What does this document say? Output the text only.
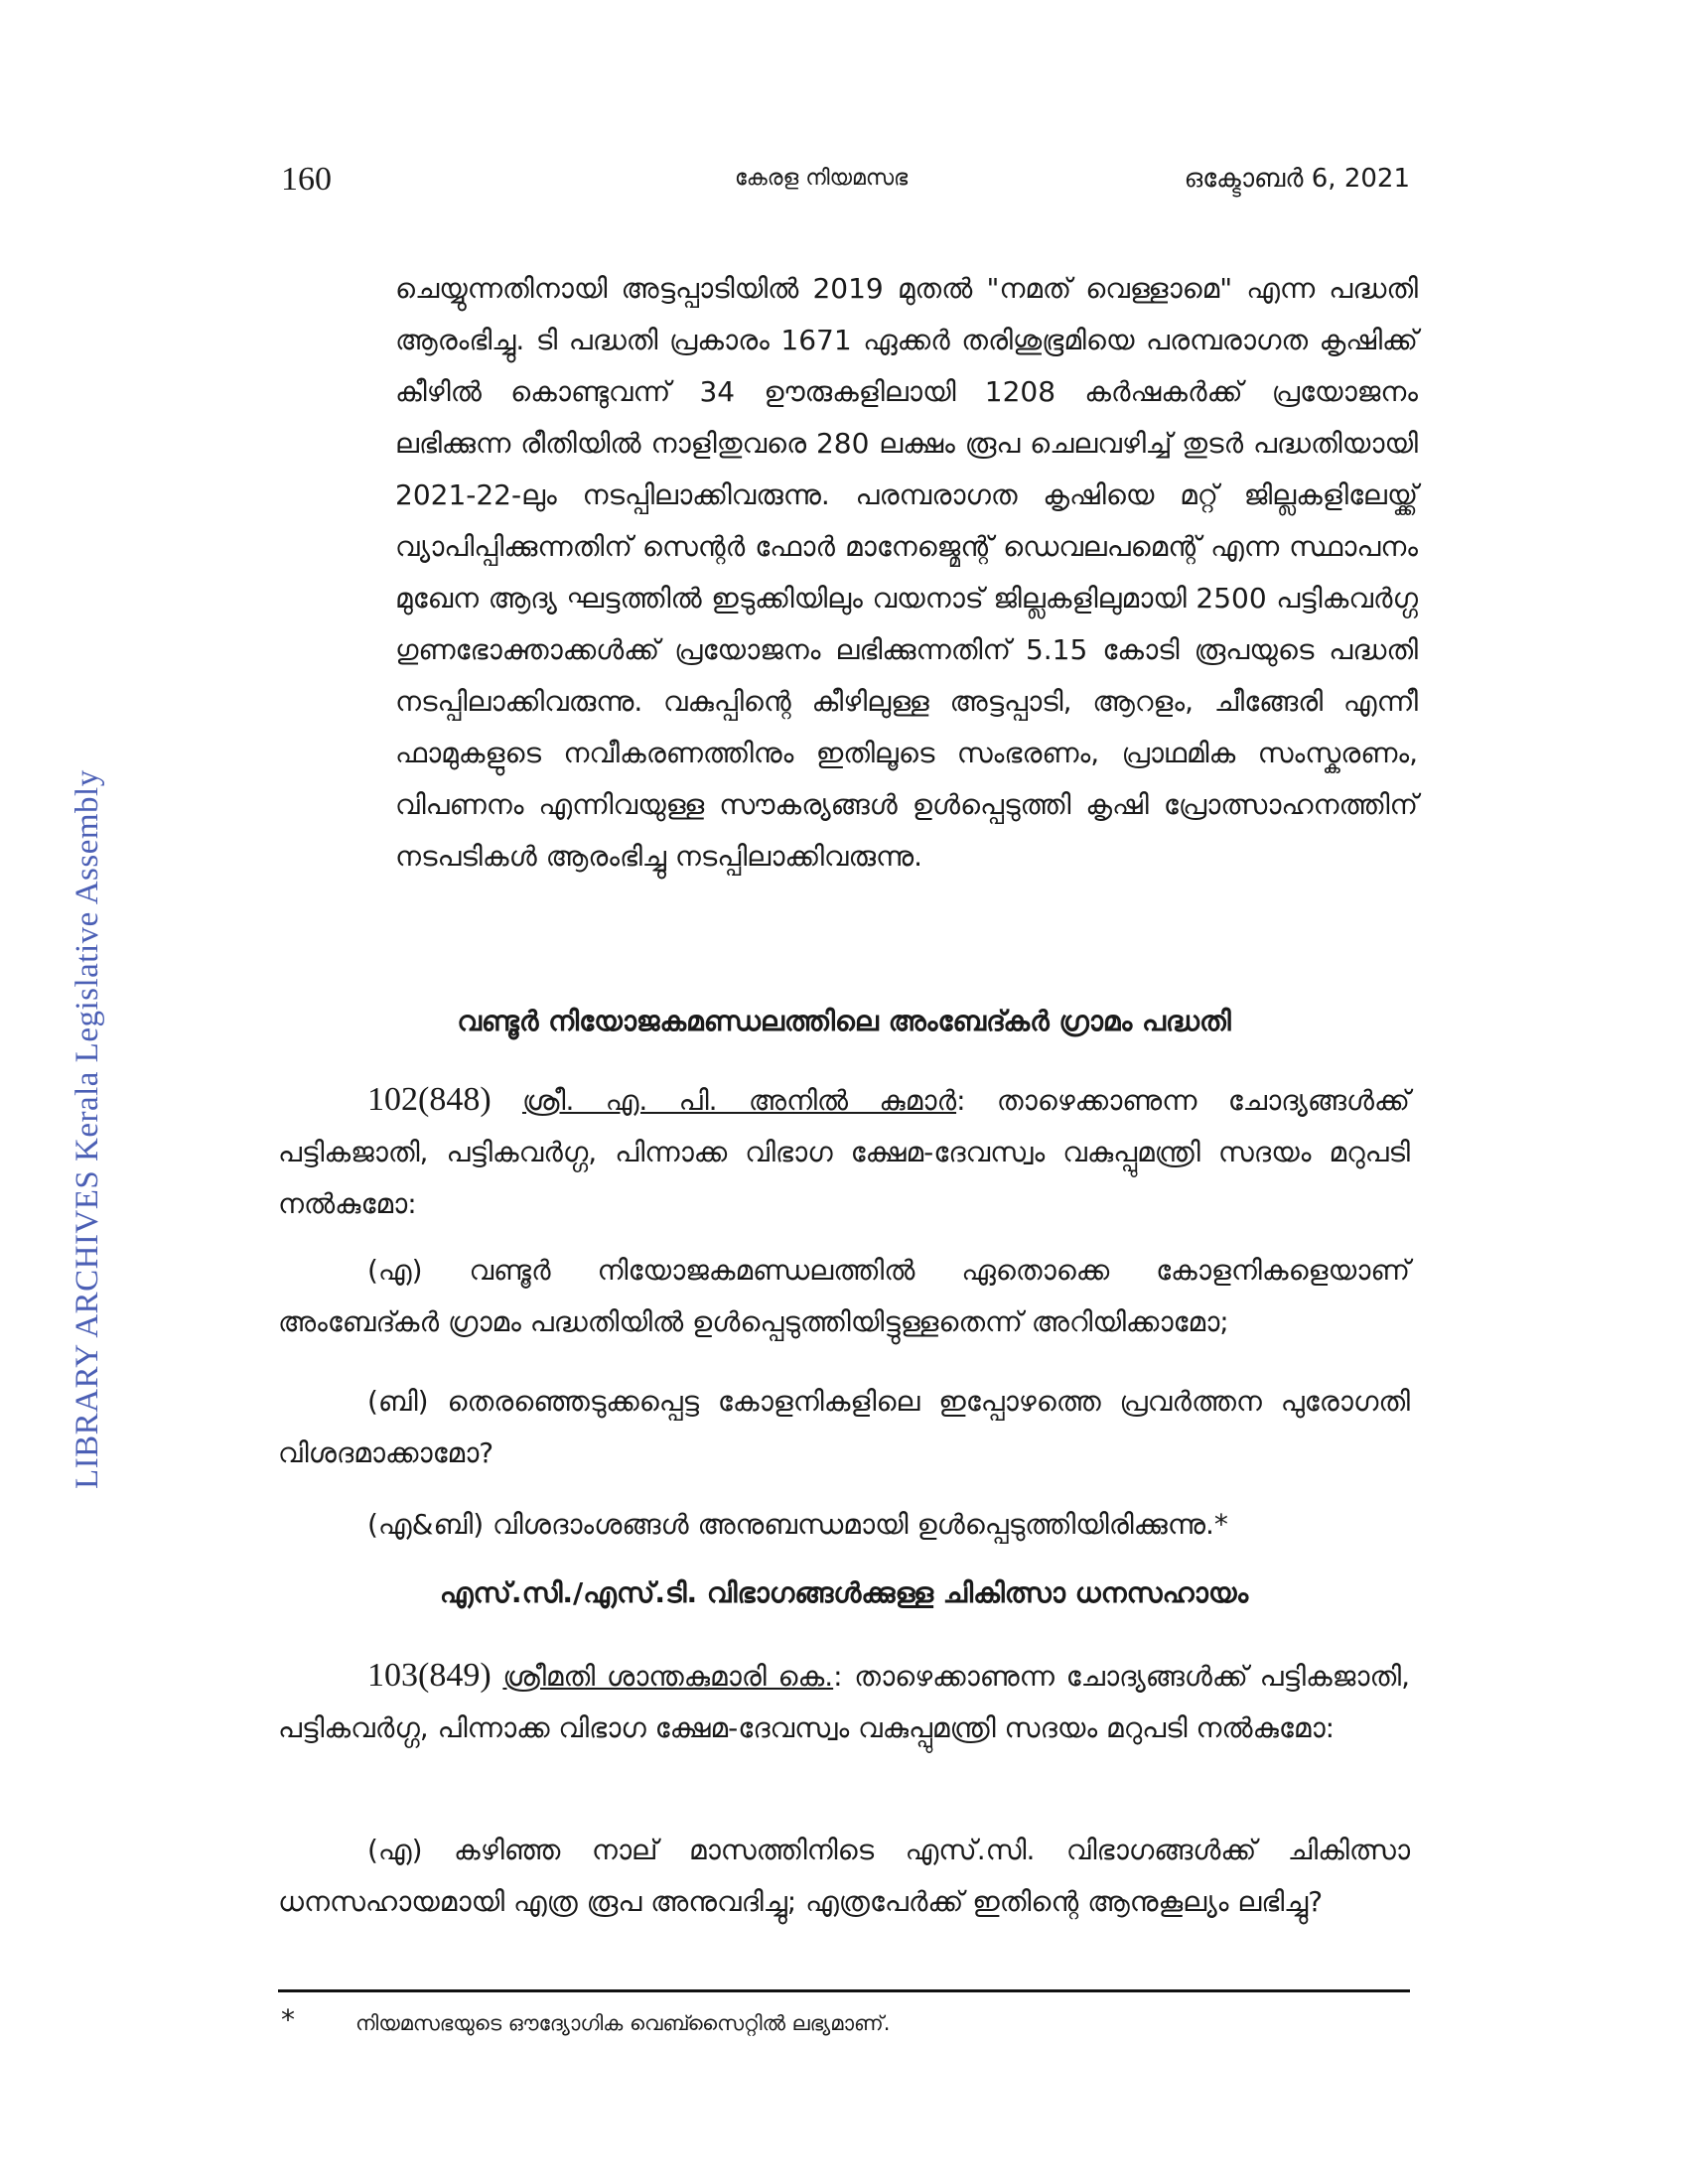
160	കേരള നിയമസഭ	ഒക്ടോബർ 6, 2021
LIBRARY ARCHIVES Kerala Legislative Assembly

ചെയ്യുന്നതിനായി അട്ടപ്പാടിയിൽ 2019 മുതൽ "നമത് വെള്ളാമെ" എന്ന പദ്ധതി ആരംഭിച്ചു. ടി പദ്ധതി പ്രകാരം 1671 ഏക്കർ തരിശുഭൂമിയെ പരമ്പരാഗത കൃഷിക്ക് കീഴിൽ കൊണ്ടുവന്ന് 34 ഊരുകളിലായി 1208 കർഷകർക്ക് പ്രയോജനം ലഭിക്കുന്ന രീതിയിൽ നാളിതുവരെ 280 ലക്ഷം രൂപ ചെലവഴിച്ച് തുടർ പദ്ധതിയായി 2021-22-ലും നടപ്പിലാക്കിവരുന്നു. പരമ്പരാഗത കൃഷിയെ മറ്റ് ജില്ലകളിലേയ്ക്ക് വ്യാപിപ്പിക്കുന്നതിന് സെന്റർ ഫോർ മാനേജ്മെന്റ് ഡെവലപമെന്റ് എന്ന സ്ഥാപനം മുഖേന ആദ്യ ഘട്ടത്തിൽ ഇടുക്കിയിലും വയനാട് ജില്ലകളിലുമായി 2500 പട്ടികവർഗ്ഗ ഗുണഭോക്താക്കൾക്ക് പ്രയോജനം ലഭിക്കുന്നതിന് 5.15 കോടി രൂപയുടെ പദ്ധതി നടപ്പിലാക്കിവരുന്നു. വകുപ്പിന്റെ കീഴിലുള്ള അട്ടപ്പാടി, ആറളം, ചീങ്ങേരി എന്നീ ഫാമുകളുടെ നവീകരണത്തിനും ഇതിലൂടെ സംഭരണം, പ്രാഥമിക സംസ്കരണം, വിപണനം എന്നിവയുള്ള സൗകര്യങ്ങൾ ഉൾപ്പെടുത്തി കൃഷി പ്രോത്സാഹനത്തിന് നടപടികൾ ആരംഭിച്ചു നടപ്പിലാക്കിവരുന്നു.

വണ്ടൂർ നിയോജകമണ്ഡലത്തിലെ അംബേദ്കർ ഗ്രാമം പദ്ധതി

102(848) ശ്രീ. എ. പി. അനിൽ കുമാർ: താഴെക്കാണുന്ന ചോദ്യങ്ങൾക്ക് പട്ടികജാതി, പട്ടികവർഗ്ഗ, പിന്നാക്ക വിഭാഗ ക്ഷേമ-ദേവസ്വം വകുപ്പുമന്ത്രി സദയം മറുപടി നൽകുമോ:

(എ) വണ്ടൂർ നിയോജകമണ്ഡലത്തിൽ ഏതൊക്കെ കോളനികളെയാണ് അംബേദ്കർ ഗ്രാമം പദ്ധതിയിൽ ഉൾപ്പെടുത്തിയിട്ടുള്ളതെന്ന് അറിയിക്കാമോ;

(ബി) തെരഞ്ഞെടുക്കപ്പെട്ട കോളനികളിലെ ഇപ്പോഴത്തെ പ്രവർത്തന പുരോഗതി വിശദമാക്കാമോ?

(എ&ബി) വിശദാംശങ്ങൾ അനുബന്ധമായി ഉൾപ്പെടുത്തിയിരിക്കുന്നു.*

എസ്.സി./എസ്.ടി. വിഭാഗങ്ങൾക്കുള്ള ചികിത്സാ ധനസഹായം

103(849) ശ്രീമതി ശാന്തകുമാരി കെ.: താഴെക്കാണുന്ന ചോദ്യങ്ങൾക്ക് പട്ടികജാതി, പട്ടികവർഗ്ഗ, പിന്നാക്ക വിഭാഗ ക്ഷേമ-ദേവസ്വം വകുപ്പുമന്ത്രി സദയം മറുപടി നൽകുമോ:

(എ) കഴിഞ്ഞ നാല് മാസത്തിനിടെ എസ്.സി. വിഭാഗങ്ങൾക്ക് ചികിത്സാ ധനസഹായമായി എത്ര രൂപ അനുവദിച്ചു; എത്രപേർക്ക് ഇതിന്റെ ആനുകൂല്യം ലഭിച്ചു?

*	നിയമസഭയുടെ ഔദ്യോഗിക വെബ്സൈറ്റിൽ ലഭ്യമാണ്.
